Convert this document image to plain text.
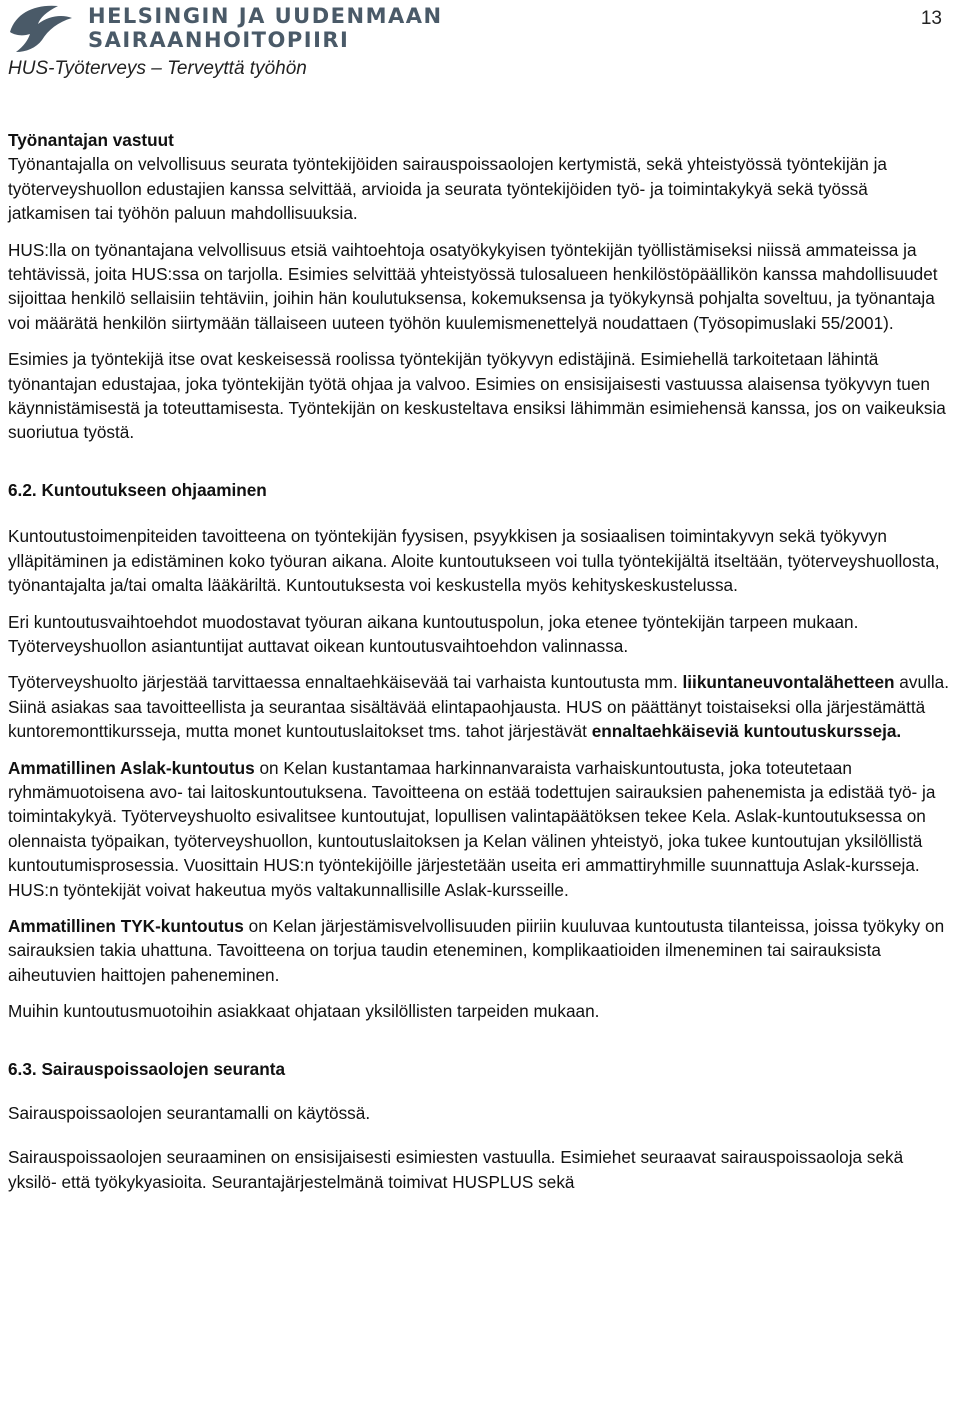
HELSINGIN JA UUDENMAAN
SAIRAANHOITOPIIRI
HUS-Työterveys – Terveyttä työhön
13

Työnantajan vastuut

Työnantajalla on velvollisuus seurata työntekijöiden sairauspoissaolojen kertymistä, sekä yhteistyössä työntekijän ja työterveyshuollon edustajien kanssa selvittää, arvioida ja seurata työntekijöiden työ- ja toimintakykyä sekä työssä jatkamisen tai työhön paluun mahdollisuuksia.

HUS:lla on työnantajana velvollisuus etsiä vaihtoehtoja osatyökykyisen työntekijän työllistämiseksi niissä ammateissa ja tehtävissä, joita HUS:ssa on tarjolla. Esimies selvittää yhteistyössä tulosalueen henkilöstöpäällikön kanssa mahdollisuudet sijoittaa henkilö sellaisiin tehtäviin, joihin hän koulutuksensa, kokemuksensa ja työkykynsä pohjalta soveltuu, ja työnantaja voi määrätä henkilön siirtymään tällaiseen uuteen työhön kuulemismenettelyä noudattaen (Työsopimuslaki 55/2001).

Esimies ja työntekijä itse ovat keskeisessä roolissa työntekijän työkyvyn edistäjinä. Esimiehellä tarkoitetaan lähintä työnantajan edustajaa, joka työntekijän työtä ohjaa ja valvoo. Esimies on ensisijaisesti vastuussa alaisensa työkyvyn tuen käynnistämisestä ja toteuttamisesta. Työntekijän on keskusteltava ensiksi lähimmän esimiehensä kanssa, jos on vaikeuksia suoriutua työstä.

6.2. Kuntoutukseen ohjaaminen

Kuntoutustoimenpiteiden tavoitteena on työntekijän fyysisen, psyykkisen ja sosiaalisen toimintakyvyn sekä työkyvyn ylläpitäminen ja edistäminen koko työuran aikana. Aloite kuntoutukseen voi tulla työntekijältä itseltään, työterveyshuollosta, työnantajalta ja/tai omalta lääkäriltä. Kuntoutuksesta voi keskustella myös kehityskeskustelussa.

Eri kuntoutusvaihtoehdot muodostavat työuran aikana kuntoutuspolun, joka etenee työntekijän tarpeen mukaan. Työterveyshuollon asiantuntijat auttavat oikean kuntoutusvaihtoehdon valinnassa.

Työterveyshuolto järjestää tarvittaessa ennaltaehkäisevää tai varhaista kuntoutusta mm. liikuntaneuvontalähetteen avulla. Siinä asiakas saa tavoitteellista ja seurantaa sisältävää elintapaohjausta. HUS on päättänyt toistaiseksi olla järjestämättä kuntoremonttikursseja, mutta monet kuntoutuslaitokset tms. tahot järjestävät ennaltaehkäiseviä kuntoutuskursseja.

Ammatillinen Aslak-kuntoutus on Kelan kustantamaa harkinnanvaraista varhaiskuntoutusta, joka toteutetaan ryhmämuotoisena avo- tai laitoskuntoutuksena. Tavoitteena on estää todettujen sairauksien pahenemista ja edistää työ- ja toimintakykyä. Työterveyshuolto esivalitsee kuntoutujat, lopullisen valintapäätöksen tekee Kela. Aslak-kuntoutuksessa on olennaista työpaikan, työterveyshuollon, kuntoutuslaitoksen ja Kelan välinen yhteistyö, joka tukee kuntoutujan yksilöllistä kuntoutumisprosessia. Vuosittain HUS:n työntekijöille järjestetään useita eri ammattiryhmille suunnattuja Aslak-kursseja. HUS:n työntekijät voivat hakeutua myös valtakunnallisille Aslak-kursseille.

Ammatillinen TYK-kuntoutus on Kelan järjestämisvelvollisuuden piiriin kuuluvaa kuntoutusta tilanteissa, joissa työkyky on sairauksien takia uhattuna. Tavoitteena on torjua taudin eteneminen, komplikaatioiden ilmeneminen tai sairauksista aiheutuvien haittojen paheneminen.

Muihin kuntoutusmuotoihin asiakkaat ohjataan yksilöllisten tarpeiden mukaan.

6.3. Sairauspoissaolojen seuranta

Sairauspoissaolojen seurantamalli on käytössä.

Sairauspoissaolojen seuraaminen on ensisijaisesti esimiesten vastuulla. Esimiehet seuraavat sairauspoissaoloja sekä yksilö- että työkykyasioita. Seurantajärjestelmänä toimivat HUSPLUS sekä
